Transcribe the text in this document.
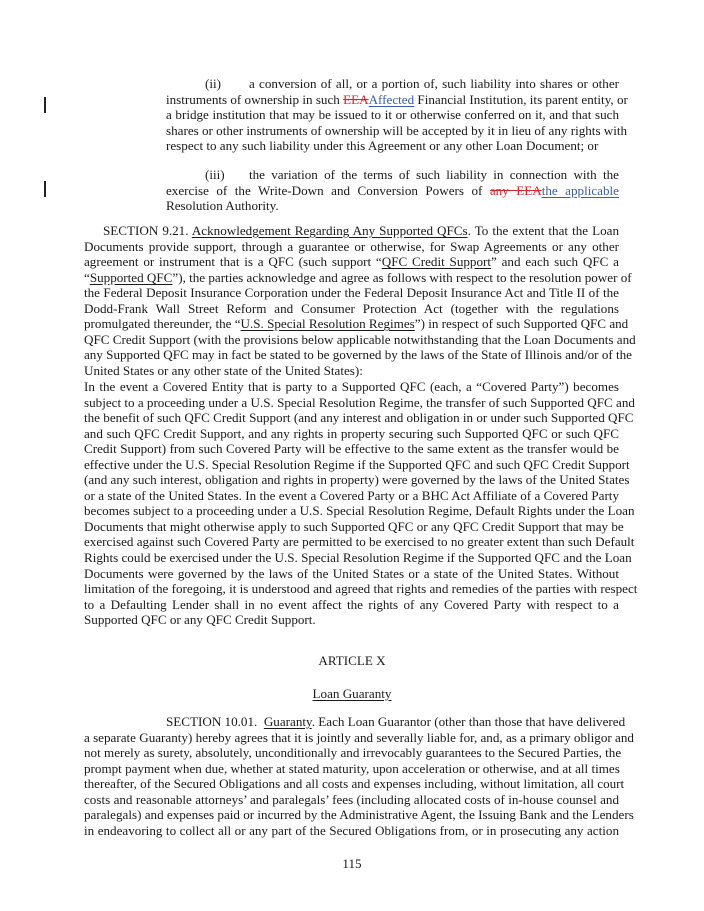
(ii) a conversion of all, or a portion of, such liability into shares or other
instruments of ownership in such EEAAffected Financial Institution, its parent entity, or
a bridge institution that may be issued to it or otherwise conferred on it, and that such
shares or other instruments of ownership will be accepted by it in lieu of any rights with
respect to any such liability under this Agreement or any other Loan Document; or
(iii) the variation of the terms of such liability in connection with the
exercise of the Write-Down and Conversion Powers of any EEAthe applicable
Resolution Authority.
SECTION 9.21. Acknowledgement Regarding Any Supported QFCs. To the extent that the Loan
Documents provide support, through a guarantee or otherwise, for Swap Agreements or any other
agreement or instrument that is a QFC (such support “QFC Credit Support” and each such QFC a
“Supported QFC”), the parties acknowledge and agree as follows with respect to the resolution power of
the Federal Deposit Insurance Corporation under the Federal Deposit Insurance Act and Title II of the
Dodd-Frank Wall Street Reform and Consumer Protection Act (together with the regulations
promulgated thereunder, the “U.S. Special Resolution Regimes”) in respect of such Supported QFC and
QFC Credit Support (with the provisions below applicable notwithstanding that the Loan Documents and
any Supported QFC may in fact be stated to be governed by the laws of the State of Illinois and/or of the
United States or any other state of the United States):
In the event a Covered Entity that is party to a Supported QFC (each, a “Covered Party”) becomes
subject to a proceeding under a U.S. Special Resolution Regime, the transfer of such Supported QFC and
the benefit of such QFC Credit Support (and any interest and obligation in or under such Supported QFC
and such QFC Credit Support, and any rights in property securing such Supported QFC or such QFC
Credit Support) from such Covered Party will be effective to the same extent as the transfer would be
effective under the U.S. Special Resolution Regime if the Supported QFC and such QFC Credit Support
(and any such interest, obligation and rights in property) were governed by the laws of the United States
or a state of the United States. In the event a Covered Party or a BHC Act Affiliate of a Covered Party
becomes subject to a proceeding under a U.S. Special Resolution Regime, Default Rights under the Loan
Documents that might otherwise apply to such Supported QFC or any QFC Credit Support that may be
exercised against such Covered Party are permitted to be exercised to no greater extent than such Default
Rights could be exercised under the U.S. Special Resolution Regime if the Supported QFC and the Loan
Documents were governed by the laws of the United States or a state of the United States. Without
limitation of the foregoing, it is understood and agreed that rights and remedies of the parties with respect
to a Defaulting Lender shall in no event affect the rights of any Covered Party with respect to a
Supported QFC or any QFC Credit Support.
ARTICLE X
Loan Guaranty
SECTION 10.01. Guaranty. Each Loan Guarantor (other than those that have delivered
a separate Guaranty) hereby agrees that it is jointly and severally liable for, and, as a primary obligor and
not merely as surety, absolutely, unconditionally and irrevocably guarantees to the Secured Parties, the
prompt payment when due, whether at stated maturity, upon acceleration or otherwise, and at all times
thereafter, of the Secured Obligations and all costs and expenses including, without limitation, all court
costs and reasonable attorneys’ and paralegals’ fees (including allocated costs of in-house counsel and
paralegals) and expenses paid or incurred by the Administrative Agent, the Issuing Bank and the Lenders
in endeavoring to collect all or any part of the Secured Obligations from, or in prosecuting any action
115
